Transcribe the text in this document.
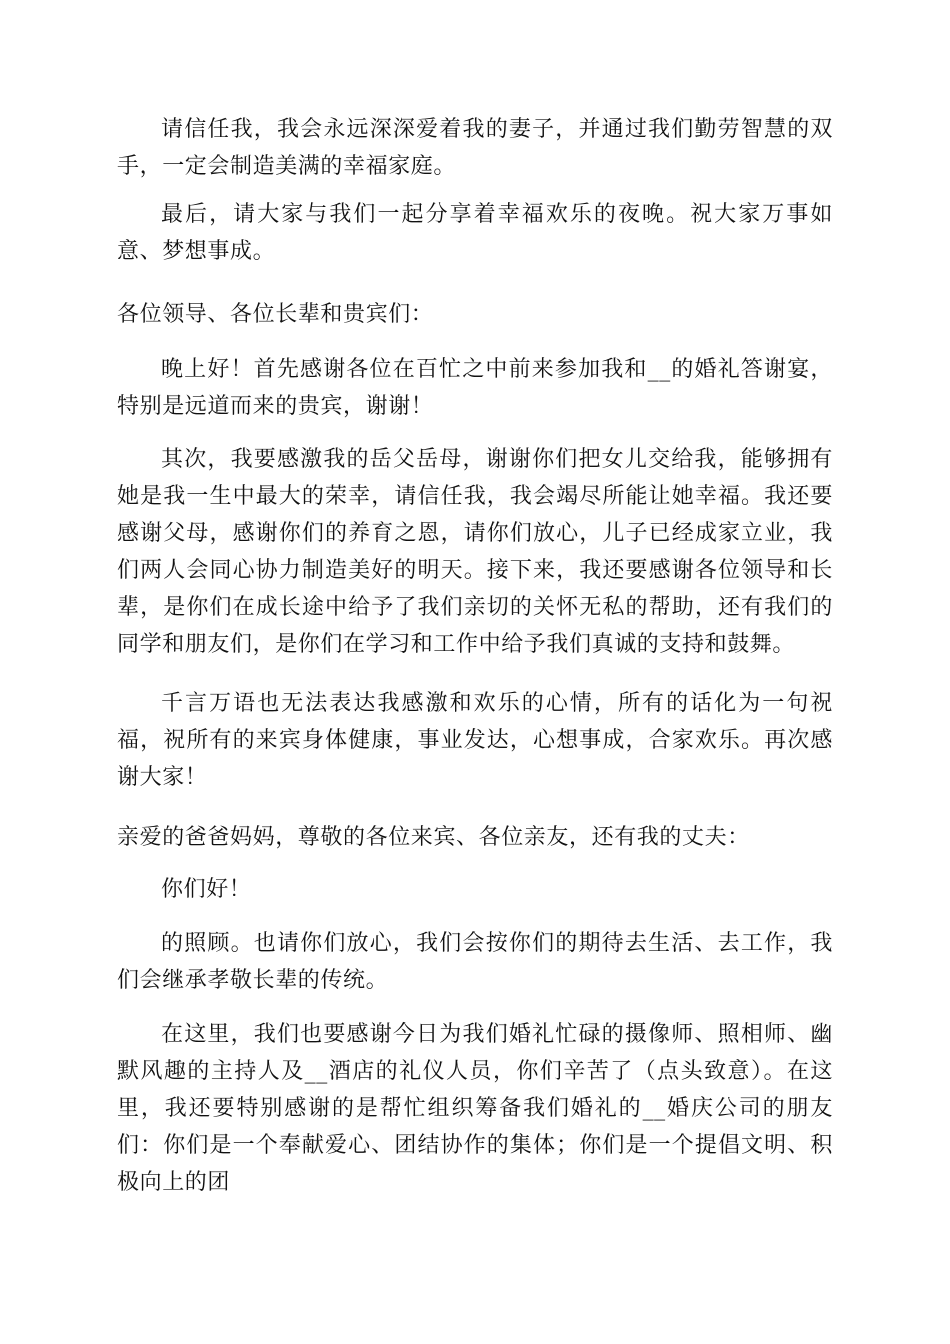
请信任我，我会永远深深爱着我的妻子，并通过我们勤劳智慧的双手，一定会制造美满的幸福家庭。

最后，请大家与我们一起分享着幸福欢乐的夜晚。祝大家万事如意、梦想事成。

各位领导、各位长辈和贵宾们：

晚上好！首先感谢各位在百忙之中前来参加我和__的婚礼答谢宴，特别是远道而来的贵宾，谢谢！

其次，我要感激我的岳父岳母，谢谢你们把女儿交给我，能够拥有她是我一生中最大的荣幸，请信任我，我会竭尽所能让她幸福。我还要感谢父母，感谢你们的养育之恩，请你们放心，儿子已经成家立业，我们两人会同心协力制造美好的明天。接下来，我还要感谢各位领导和长辈，是你们在成长途中给予了我们亲切的关怀无私的帮助，还有我们的同学和朋友们，是你们在学习和工作中给予我们真诚的支持和鼓舞。

千言万语也无法表达我感激和欢乐的心情，所有的话化为一句祝福，祝所有的来宾身体健康，事业发达，心想事成，合家欢乐。再次感谢大家！

亲爱的爸爸妈妈，尊敬的各位来宾、各位亲友，还有我的丈夫：

你们好！

的照顾。也请你们放心，我们会按你们的期待去生活、去工作，我们会继承孝敬长辈的传统。

在这里，我们也要感谢今日为我们婚礼忙碌的摄像师、照相师、幽默风趣的主持人及__酒店的礼仪人员，你们辛苦了（点头致意）。在这里，我还要特别感谢的是帮忙组织筹备我们婚礼的__婚庆公司的朋友们：你们是一个奉献爱心、团结协作的集体；你们是一个提倡文明、积极向上的团
